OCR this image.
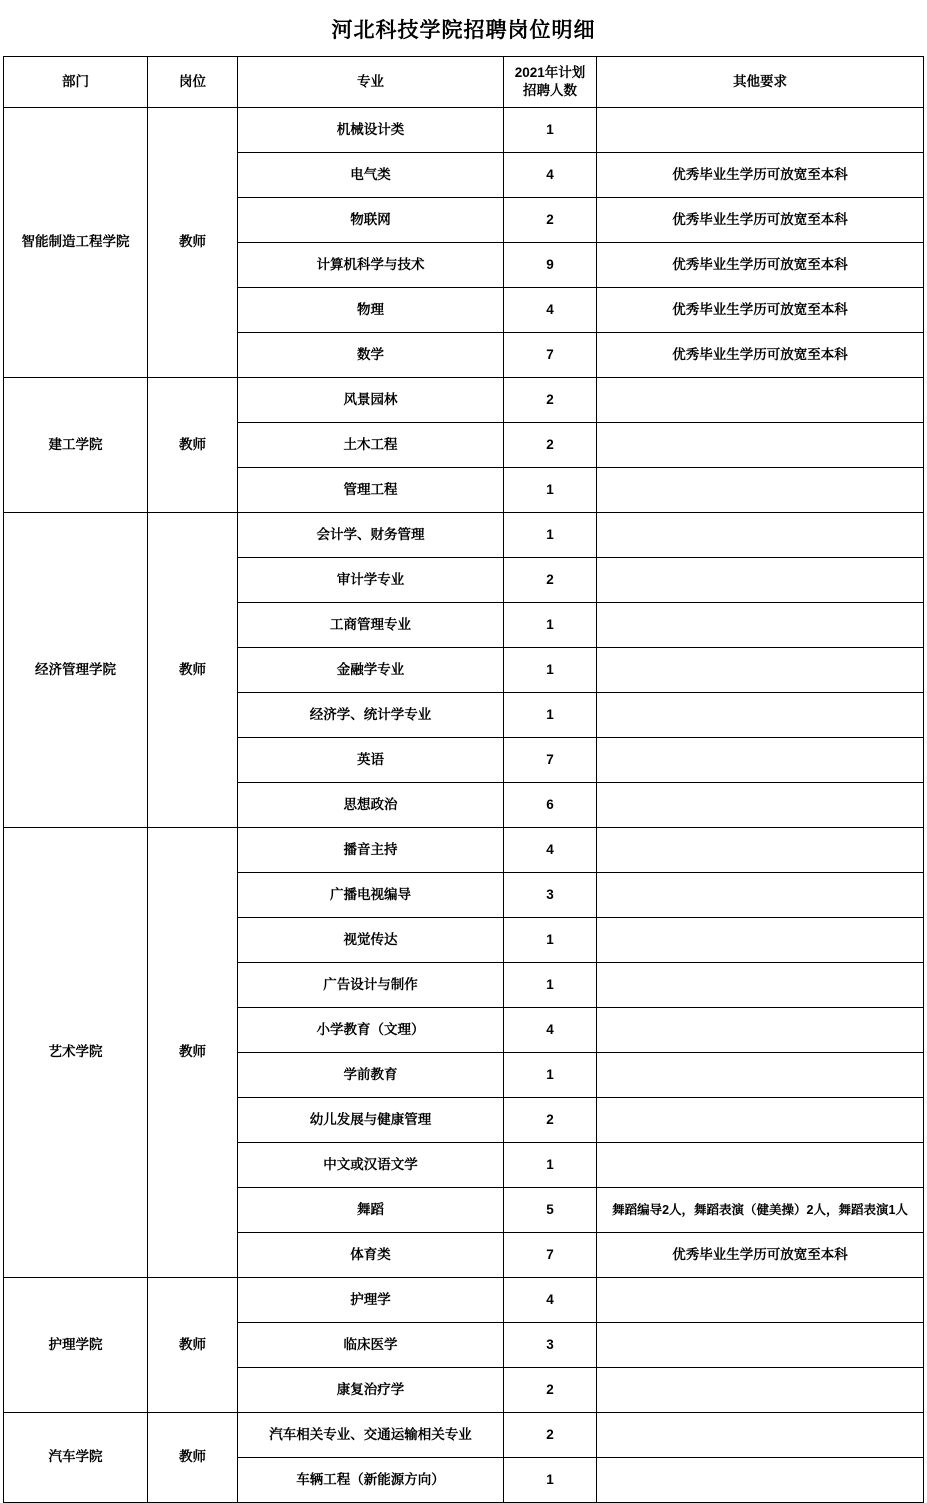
河北科技学院招聘岗位明细
部门	岗位	专业	2021年计划
招聘人数	其他要求
智能制造工程学院	教师	机械设计类	1	
		电气类	4	优秀毕业生学历可放宽至本科
		物联网	2	优秀毕业生学历可放宽至本科
		计算机科学与技术	9	优秀毕业生学历可放宽至本科
		物理	4	优秀毕业生学历可放宽至本科
		数学	7	优秀毕业生学历可放宽至本科
建工学院	教师	风景园林	2	
		土木工程	2	
		管理工程	1	
经济管理学院	教师	会计学、财务管理	1	
		审计学专业	2	
		工商管理专业	1	
		金融学专业	1	
		经济学、统计学专业	1	
		英语	7	
		思想政治	6	
艺术学院	教师	播音主持	4	
		广播电视编导	3	
		视觉传达	1	
		广告设计与制作	1	
		小学教育（文理）	4	
		学前教育	1	
		幼儿发展与健康管理	2	
		中文或汉语文学	1	
		舞蹈	5	舞蹈编导2人，舞蹈表演（健美操）2人，舞蹈表演1人
		体育类	7	优秀毕业生学历可放宽至本科
护理学院	教师	护理学	4	
		临床医学	3	
		康复治疗学	2	
汽车学院	教师	汽车相关专业、交通运输相关专业	2	
		车辆工程（新能源方向）	1	
